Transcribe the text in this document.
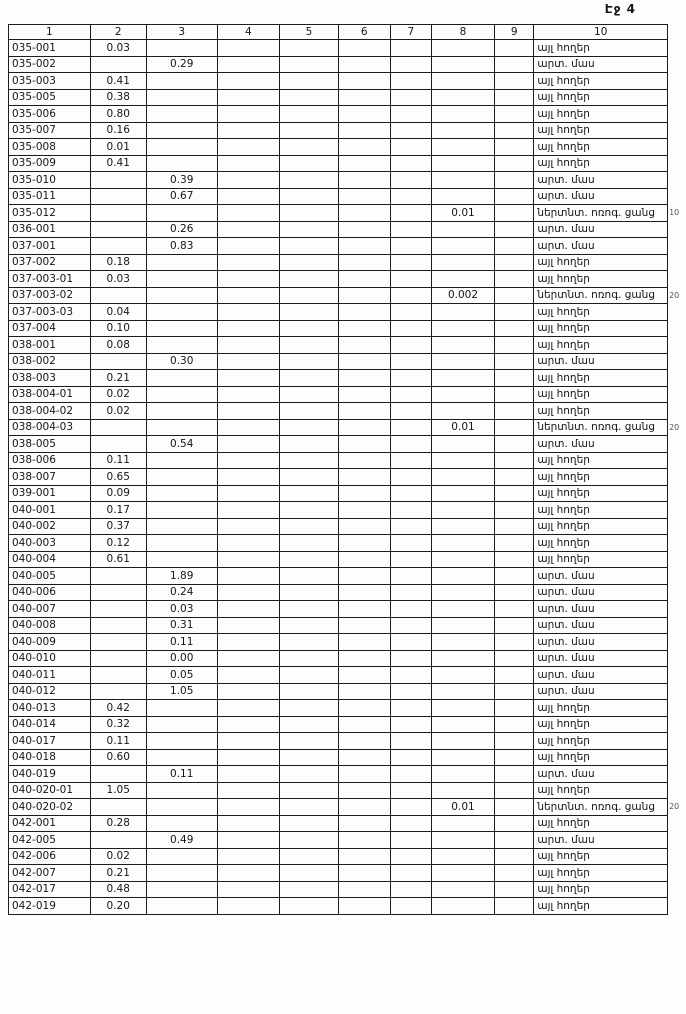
Էջ 4
1	2	3	4	5	6	7	8	9	10	
035-001	0.03								այլ հողեր	
035-002		0.29							արտ. մաս	
035-003	0.41								այլ հողեր	
035-005	0.38								այլ հողեր	
035-006	0.80								այլ հողեր	
035-007	0.16								այլ հողեր	
035-008	0.01								այլ հողեր	
035-009	0.41								այլ հողեր	
035-010		0.39							արտ. մաս	
035-011		0.67							արտ. մաս	
035-012							0.01		ներտնտ. ոռոգ. ցանց	10
036-001		0.26							արտ. մաս	
037-001		0.83							արտ. մաս	
037-002	0.18								այլ հողեր	
037-003-01	0.03								այլ հողեր	
037-003-02							0.002		ներտնտ. ոռոգ. ցանց	20
037-003-03	0.04								այլ հողեր	
037-004	0.10								այլ հողեր	
038-001	0.08								այլ հողեր	
038-002		0.30							արտ. մաս	
038-003	0.21								այլ հողեր	
038-004-01	0.02								այլ հողեր	
038-004-02	0.02								այլ հողեր	
038-004-03							0.01		ներտնտ. ոռոգ. ցանց	20
038-005		0.54							արտ. մաս	
038-006	0.11								այլ հողեր	
038-007	0.65								այլ հողեր	
039-001	0.09								այլ հողեր	
040-001	0.17								այլ հողեր	
040-002	0.37								այլ հողեր	
040-003	0.12								այլ հողեր	
040-004	0.61								այլ հողեր	
040-005		1.89							արտ. մաս	
040-006		0.24							արտ. մաս	
040-007		0.03							արտ. մաս	
040-008		0.31							արտ. մաս	
040-009		0.11							արտ. մաս	
040-010		0.00							արտ. մաս	
040-011		0.05							արտ. մաս	
040-012		1.05							արտ. մաս	
040-013	0.42								այլ հողեր	
040-014	0.32								այլ հողեր	
040-017	0.11								այլ հողեր	
040-018	0.60								այլ հողեր	
040-019		0.11							արտ. մաս	
040-020-01	1.05								այլ հողեր	
040-020-02							0.01		ներտնտ. ոռոգ. ցանց	20
042-001	0.28								այլ հողեր	
042-005		0.49							արտ. մաս	
042-006	0.02								այլ հողեր	
042-007	0.21								այլ հողեր	
042-017	0.48								այլ հողեր	
042-019	0.20								այլ հողեր	
